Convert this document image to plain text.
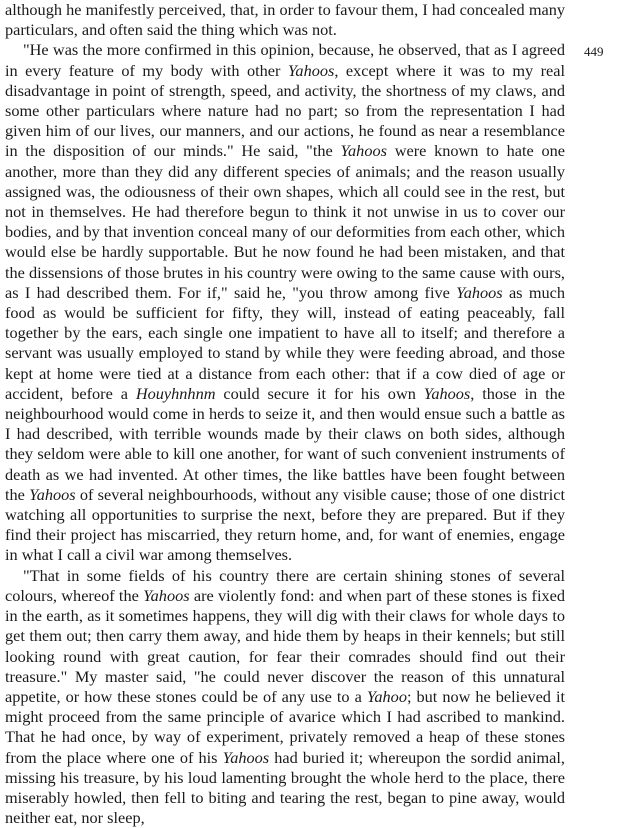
although he manifestly perceived, that, in order to favour them, I had concealed many particulars, and often said the thing which was not.

"He was the more confirmed in this opinion, because, he observed, that as I agreed in every feature of my body with other Yahoos, except where it was to my real disadvantage in point of strength, speed, and activity, the shortness of my claws, and some other particulars where nature had no part; so from the representation I had given him of our lives, our manners, and our actions, he found as near a resemblance in the disposition of our minds." He said, "the Yahoos were known to hate one another, more than they did any different species of animals; and the reason usually assigned was, the odiousness of their own shapes, which all could see in the rest, but not in themselves. He had therefore begun to think it not unwise in us to cover our bodies, and by that invention conceal many of our deformities from each other, which would else be hardly supportable. But he now found he had been mistaken, and that the dissensions of those brutes in his country were owing to the same cause with ours, as I had described them. For if," said he, "you throw among five Yahoos as much food as would be sufficient for fifty, they will, instead of eating peaceably, fall together by the ears, each single one impatient to have all to itself; and therefore a servant was usually employed to stand by while they were feeding abroad, and those kept at home were tied at a distance from each other: that if a cow died of age or accident, before a Houyhnhnm could secure it for his own Yahoos, those in the neighbourhood would come in herds to seize it, and then would ensue such a battle as I had described, with terrible wounds made by their claws on both sides, although they seldom were able to kill one another, for want of such convenient instruments of death as we had invented. At other times, the like battles have been fought between the Yahoos of several neighbourhoods, without any visible cause; those of one district watching all opportunities to surprise the next, before they are prepared. But if they find their project has miscarried, they return home, and, for want of enemies, engage in what I call a civil war among themselves.

"That in some fields of his country there are certain shining stones of several colours, whereof the Yahoos are violently fond: and when part of these stones is fixed in the earth, as it sometimes happens, they will dig with their claws for whole days to get them out; then carry them away, and hide them by heaps in their kennels; but still looking round with great caution, for fear their comrades should find out their treasure." My master said, "he could never discover the reason of this unnatural appetite, or how these stones could be of any use to a Yahoo; but now he believed it might proceed from the same principle of avarice which I had ascribed to mankind. That he had once, by way of experiment, privately removed a heap of these stones from the place where one of his Yahoos had buried it; whereupon the sordid animal, missing his treasure, by his loud lamenting brought the whole herd to the place, there miserably howled, then fell to biting and tearing the rest, began to pine away, would neither eat, nor sleep,

449
